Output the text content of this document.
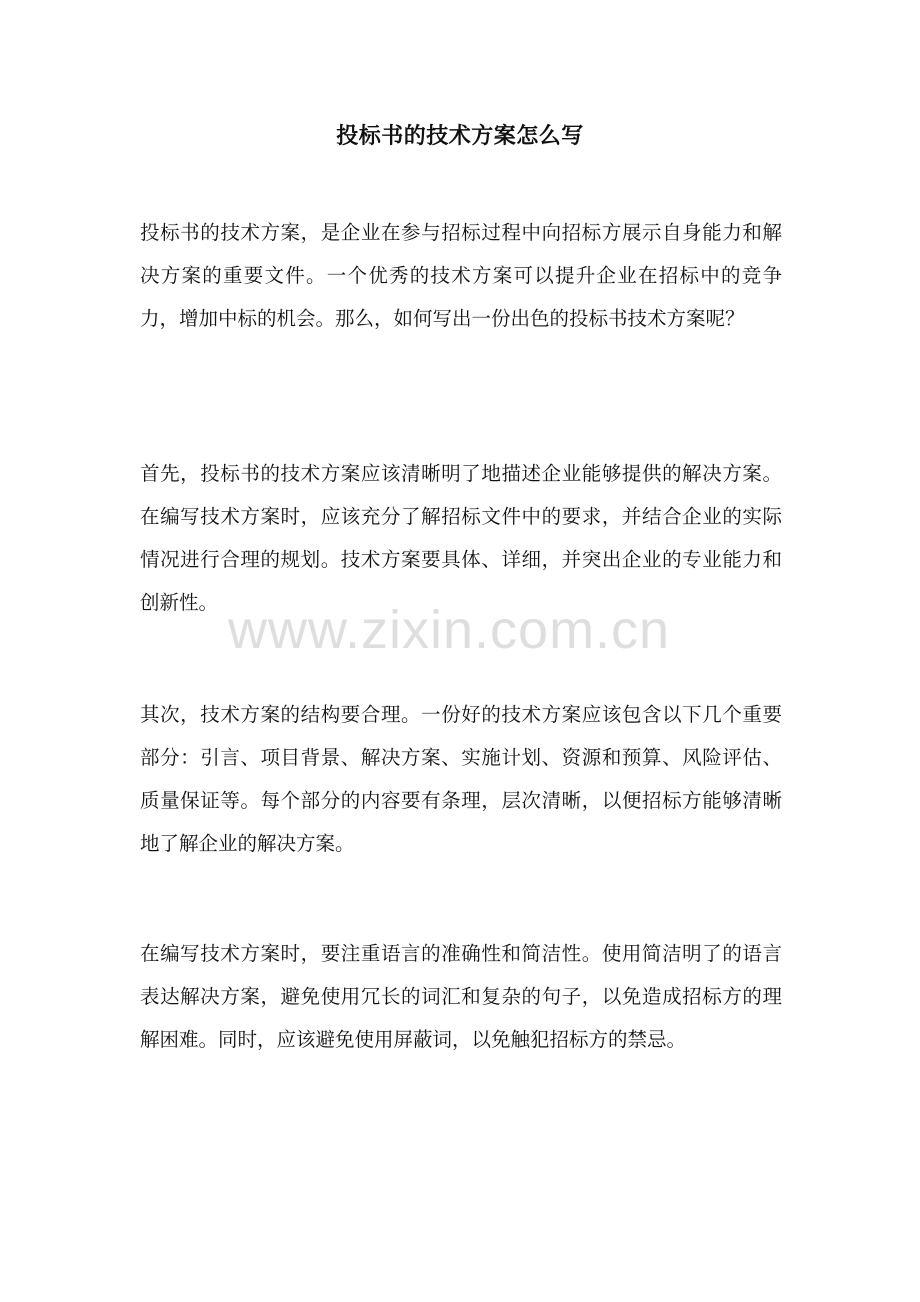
投标书的技术方案怎么写

投标书的技术方案，是企业在参与招标过程中向招标方展示自身能力和解决方案的重要文件。一个优秀的技术方案可以提升企业在招标中的竞争力，增加中标的机会。那么，如何写出一份出色的投标书技术方案呢？

首先，投标书的技术方案应该清晰明了地描述企业能够提供的解决方案。在编写技术方案时，应该充分了解招标文件中的要求，并结合企业的实际情况进行合理的规划。技术方案要具体、详细，并突出企业的专业能力和创新性。

其次，技术方案的结构要合理。一份好的技术方案应该包含以下几个重要部分：引言、项目背景、解决方案、实施计划、资源和预算、风险评估、质量保证等。每个部分的内容要有条理，层次清晰，以便招标方能够清晰地了解企业的解决方案。

在编写技术方案时，要注重语言的准确性和简洁性。使用简洁明了的语言表达解决方案，避免使用冗长的词汇和复杂的句子，以免造成招标方的理解困难。同时，应该避免使用屏蔽词，以免触犯招标方的禁忌。

www.zixin.com.cn
